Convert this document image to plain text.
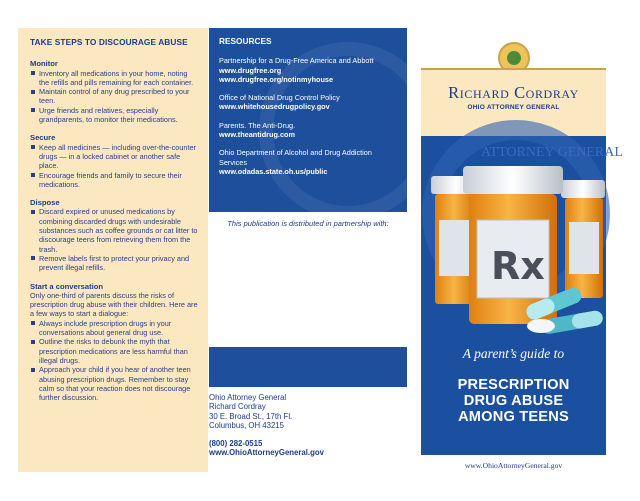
TAKE STEPS TO DISCOURAGE ABUSE
Monitor
Inventory all medications in your home, noting the refills and pills remaining for each container.
Maintain control of any drug prescribed to your teen.
Urge friends and relatives, especially grandparents, to monitor their medications.
Secure
Keep all medicines — including over-the-counter drugs — in a locked cabinet or another safe place.
Encourage friends and family to secure their medications.
Dispose
Discard expired or unused medications by combining discarded drugs with undesirable substances such as coffee grounds or cat litter to discourage teens from retrieving them from the trash.
Remove labels first to protect your privacy and prevent illegal refills.
Start a conversation

Only one-third of parents discuss the risks of prescription drug abuse with their children. Here are a few ways to start a dialogue:

Always include prescription drugs in your conversations about general drug use.
Outline the risks to debunk the myth that prescription medications are less harmful than illegal drugs.
Approach your child if you hear of another teen abusing prescription drugs. Remember to stay calm so that your reaction does not discourage further discussion.
RESOURCES
Partnership for a Drug-Free America and Abbott
www.drugfree.org
www.drugfree.org/notinmyhouse
Office of National Drug Control Policy
www.whitehousedrugpolicy.gov
Parents. The Anti-Drug.
www.theantidrug.com
Ohio Department of Alcohol and Drug Addiction Services
www.odadas.state.oh.us/public
This publication is distributed in partnership with:
Ohio Attorney General
Richard Cordray
30 E. Broad St., 17th Fl.
Columbus, OH 43215
(800) 282-0515
www.OhioAttorneyGeneral.gov
Richard Cordray
OHIO ATTORNEY GENERAL
ATTORNEY GENERAL
Rx
A parent’s guide to
PRESCRIPTION
DRUG ABUSE
AMONG TEENS
www.OhioAttorneyGeneral.gov
